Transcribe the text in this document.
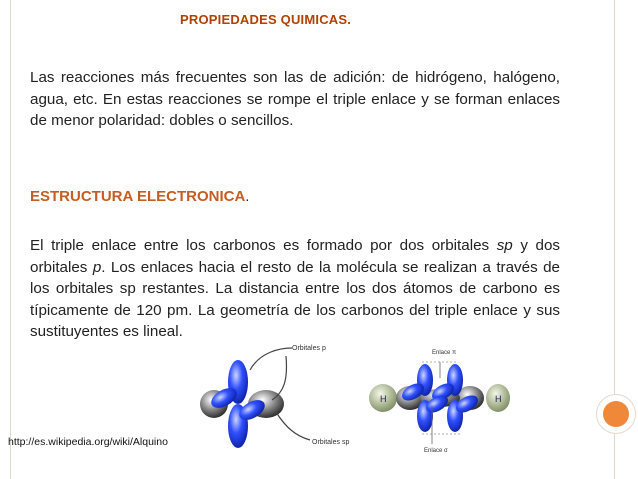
PROPIEDADES QUIMICAS.
Las reacciones más frecuentes son las de adición: de hidrógeno, halógeno, agua, etc. En estas reacciones se rompe el triple enlace y se forman enlaces de menor polaridad: dobles o sencillos.
ESTRUCTURA ELECTRONICA.
El triple enlace entre los carbonos es formado por dos orbitales sp y dos orbitales p. Los enlaces hacia el resto de la molécula se realizan a través de los orbitales sp restantes. La distancia entre los dos átomos de carbono es típicamente de 120 pm. La geometría de los carbonos del triple enlace y sus sustituyentes es lineal.
Orbitales p
Orbitales sp
H	H
Enlace π
Enlace σ
http://es.wikipedia.org/wiki/Alquino
